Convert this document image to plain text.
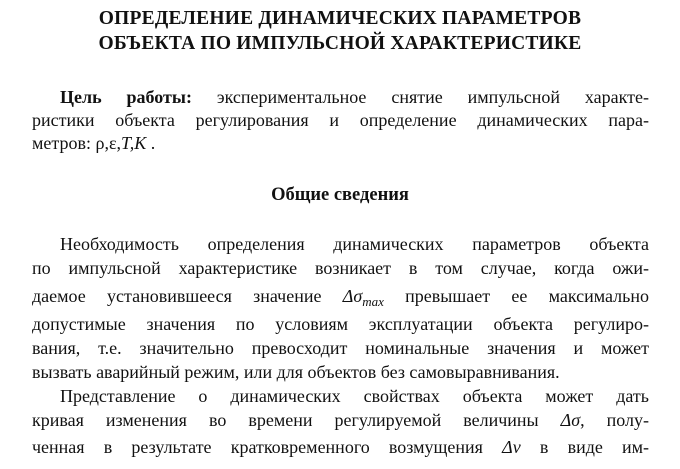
ОПРЕДЕЛЕНИЕ ДИНАМИЧЕСКИХ ПАРАМЕТРОВ
ОБЪЕКТА ПО ИМПУЛЬСНОЙ ХАРАКТЕРИСТИКЕ
Цель работы: экспериментальное снятие импульсной характе-
ристики объекта регулирования и определение динамических пара-
метров: ρ,ε,T,K .
Общие сведения
Необходимость определения динамических параметров объекта
по импульсной характеристике возникает в том случае, когда ожи-
даемое установившееся значение $\Delta\sigma_{max}$ превышает ее максимально
допустимые значения по условиям эксплуатации объекта регулиро-
вания, т.е. значительно превосходит номинальные значения и может
вызвать аварийный режим, или для объектов без самовыравнивания.
Представление о динамических свойствах объекта может дать
кривая изменения во времени регулируемой величины Δσ, полу-
ченная в результате кратковременного возмущения Δν в виде им-
